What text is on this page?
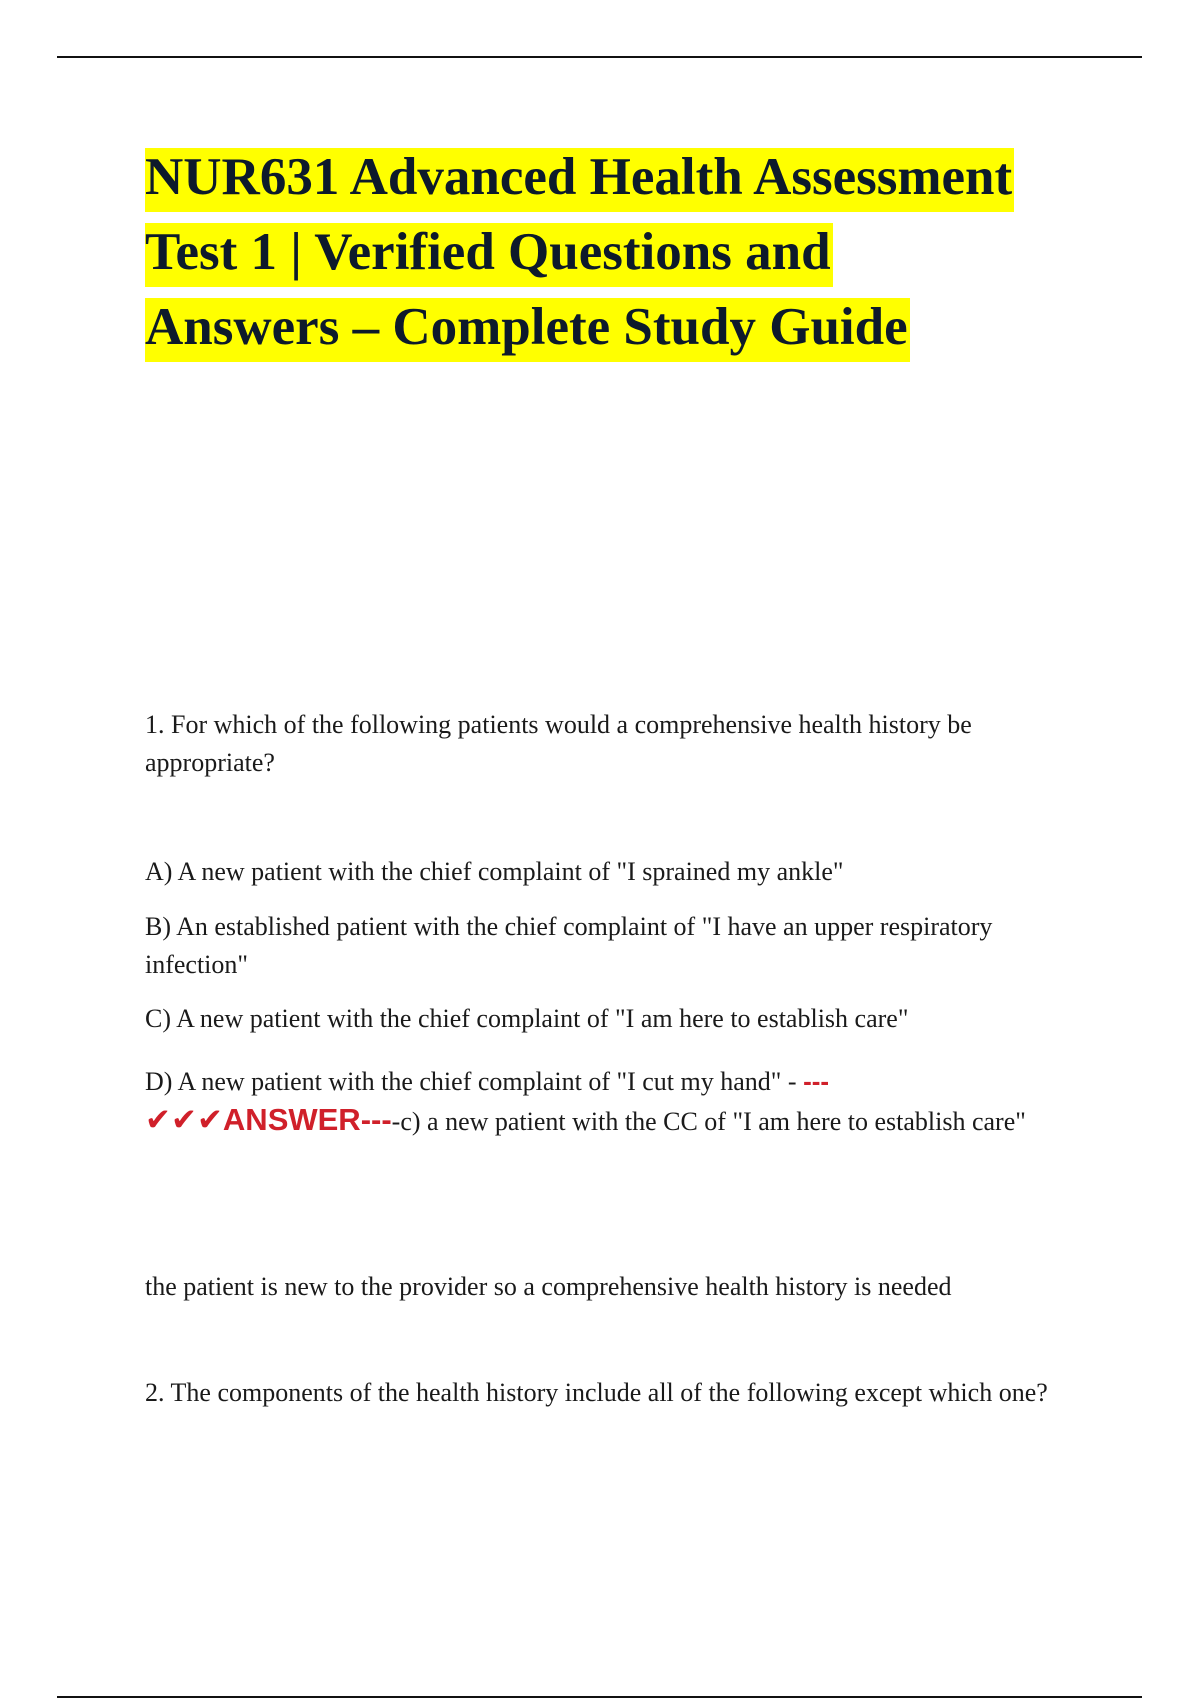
NUR631 Advanced Health Assessment
Test 1 | Verified Questions and
Answers – Complete Study Guide

1. For which of the following patients would a comprehensive health history be appropriate?

A) A new patient with the chief complaint of "I sprained my ankle"

B) An established patient with the chief complaint of "I have an upper respiratory infection"

C) A new patient with the chief complaint of "I am here to establish care"

D) A new patient with the chief complaint of "I cut my hand" - ---
✔✔✔ANSWER----c) a new patient with the CC of "I am here to establish care"

the patient is new to the provider so a comprehensive health history is needed

2. The components of the health history include all of the following except which one?
